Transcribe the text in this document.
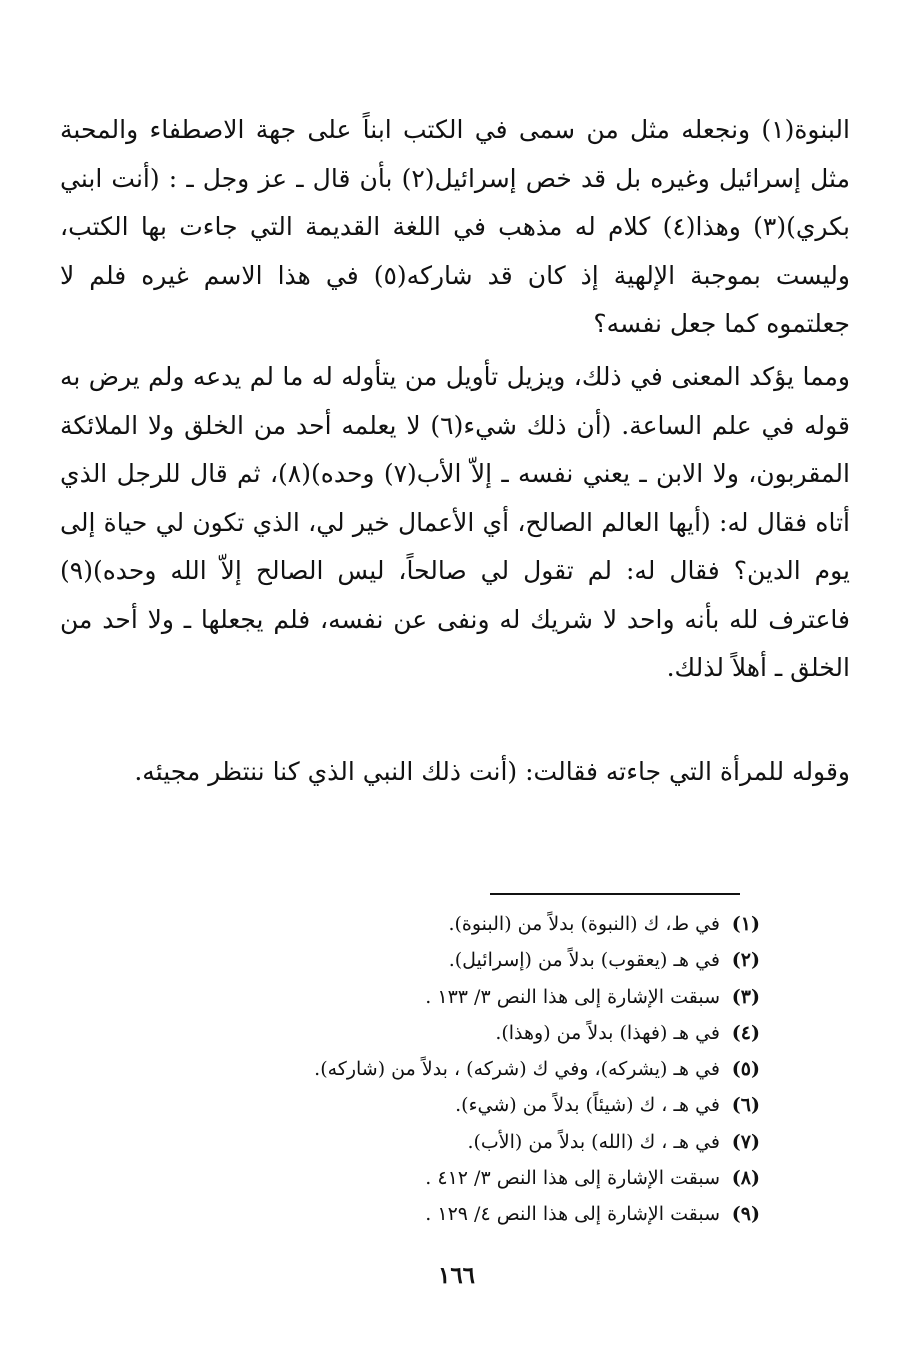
البنوة(١) ونجعله مثل من سمى في الكتب ابناً على جهة الاصطفاء والمحبة مثل إسرائيل وغيره بل قد خص إسرائيل(٢) بأن قال ـ عز وجل ـ : (أنت ابني بكري)(٣) وهذا(٤) كلام له مذهب في اللغة القديمة التي جاءت بها الكتب، وليست بموجبة الإلهية إذ كان قد شاركه(٥) في هذا الاسم غيره فلم لا جعلتموه كما جعل نفسه؟

ومما يؤكد المعنى في ذلك، ويزيل تأويل من يتأوله له ما لم يدعه ولم يرض به قوله في علم الساعة. (أن ذلك شيء(٦) لا يعلمه أحد من الخلق ولا الملائكة المقربون، ولا الابن ـ يعني نفسه ـ إلاّ الأب(٧) وحده)(٨)، ثم قال للرجل الذي أتاه فقال له: (أيها العالم الصالح، أي الأعمال خير لي، الذي تكون لي حياة إلى يوم الدين؟ فقال له: لم تقول لي صالحاً، ليس الصالح إلاّ الله وحده)(٩) فاعترف لله بأنه واحد لا شريك له ونفى عن نفسه، فلم يجعلها ـ ولا أحد من الخلق ـ أهلاً لذلك.

وقوله للمرأة التي جاءته فقالت: (أنت ذلك النبي الذي كنا ننتظر مجيئه.

(١)
في ط، ك (النبوة) بدلاً من (البنوة).
(٢)
في هـ (يعقوب) بدلاً من (إسرائيل).
(٣)
سبقت الإشارة إلى هذا النص ٣/ ١٣٣ .
(٤)
في هـ (فهذا) بدلاً من (وهذا).
(٥)
في هـ (يشركه)، وفي ك (شركه) ، بدلاً من (شاركه).
(٦)
في هـ ، ك (شيئاً) بدلاً من (شيء).
(٧)
في هـ ، ك (الله) بدلاً من (الأب).
(٨)
سبقت الإشارة إلى هذا النص ٣/ ٤١٢ .
(٩)
سبقت الإشارة إلى هذا النص ٤/ ١٢٩ .
١٦٦
